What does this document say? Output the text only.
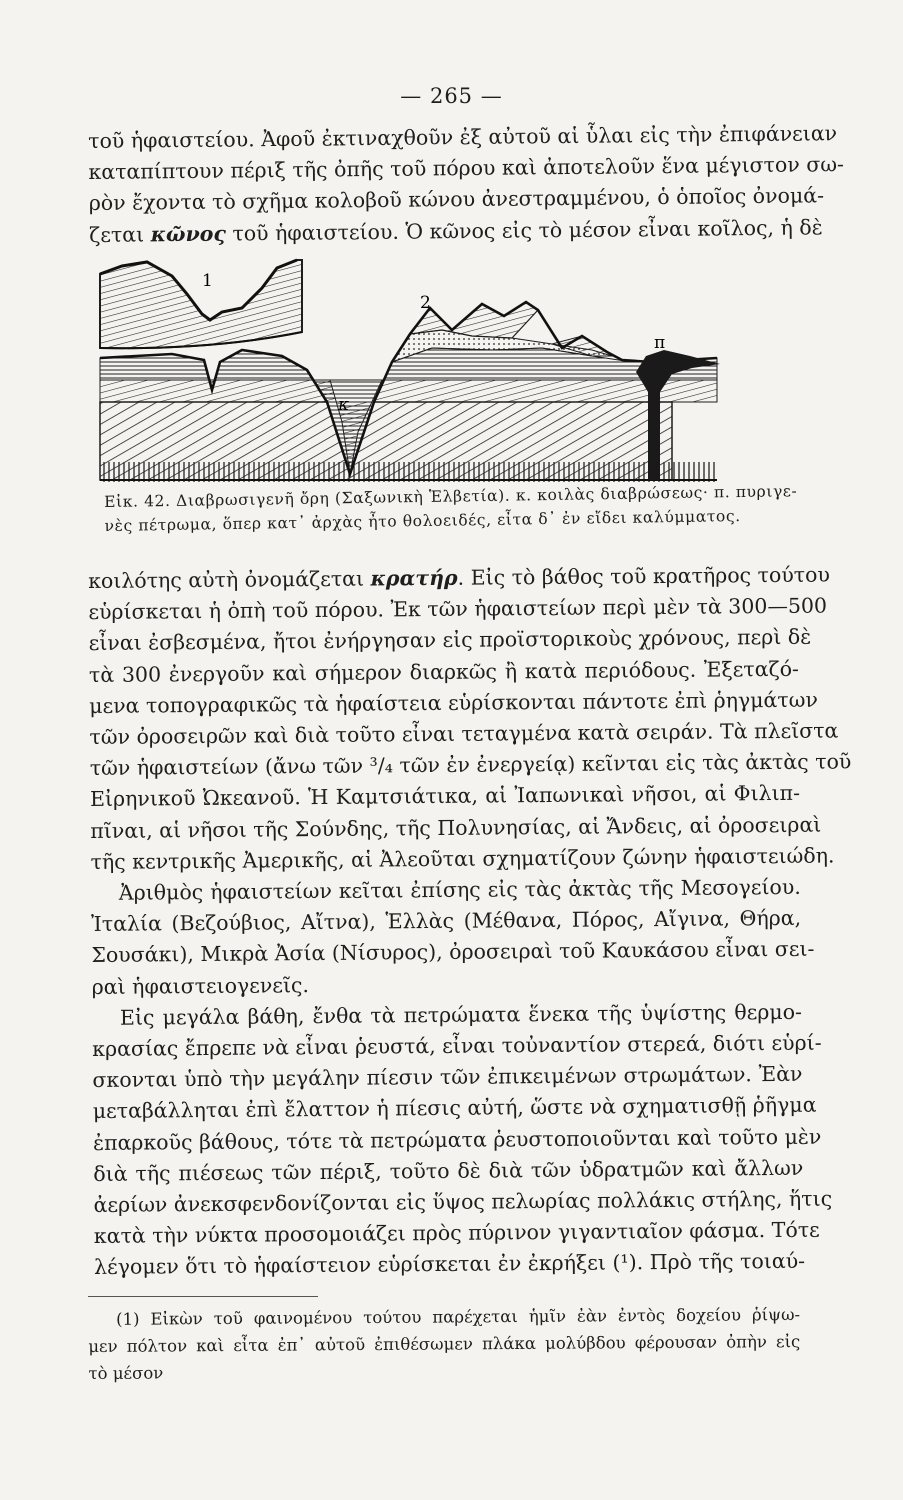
— 265 —
τοῦ ἡφαιστείου. Ἀφοῦ ἐκτιναχθοῦν ἐξ αὐτοῦ αἱ ὗλαι εἰς τὴν ἐπιφάνειαν
καταπίπτουν πέριξ τῆς ὀπῆς τοῦ πόρου καὶ ἀποτελοῦν ἕνα μέγιστον σω-
ρὸν ἔχοντα τὸ σχῆμα κολοβοῦ κώνου ἀνεστραμμένου, ὁ ὁποῖος ὀνομά-
ζεται κῶνος τοῦ ἡφαιστείου. Ὁ κῶνος εἰς τὸ μέσον εἶναι κοῖλος, ἡ δὲ
1
κ
2
π
Εἰκ. 42. Διαβρωσιγενῆ ὄρη (Σαξωνικὴ Ἑλβετία). κ. κοιλὰς διαβρώσεως· π. πυριγε-
νὲς πέτρωμα, ὅπερ κατ᾽ ἀρχὰς ἦτο θολοειδές, εἶτα δ᾽ ἐν εἴδει καλύμματος.
κοιλότης αὐτὴ ὀνομάζεται κρατήρ. Εἰς τὸ βάθος τοῦ κρατῆρος τούτου
εὑρίσκεται ἡ ὀπὴ τοῦ πόρου. Ἐκ τῶν ἡφαιστείων περὶ μὲν τὰ 300—500
εἶναι ἐσβεσμένα, ἤτοι ἐνήργησαν εἰς προϊστορικοὺς χρόνους, περὶ δὲ
τὰ 300 ἐνεργοῦν καὶ σήμερον διαρκῶς ἢ κατὰ περιόδους. Ἐξεταζό-
μενα τοπογραφικῶς τὰ ἡφαίστεια εὑρίσκονται πάντοτε ἐπὶ ῥηγμάτων
τῶν ὀροσειρῶν καὶ διὰ τοῦτο εἶναι τεταγμένα κατὰ σειράν. Τὰ πλεῖστα
τῶν ἡφαιστείων (ἄνω τῶν ³/₄ τῶν ἐν ἐνεργείᾳ) κεῖνται εἰς τὰς ἀκτὰς τοῦ
Εἰρηνικοῦ Ὠκεανοῦ. Ἡ Καμτσιάτικα, αἱ Ἰαπωνικαὶ νῆσοι, αἱ Φιλιπ-
πῖναι, αἱ νῆσοι τῆς Σούνδης, τῆς Πολυνησίας, αἱ Ἄνδεις, αἱ ὀροσειραὶ
τῆς κεντρικῆς Ἀμερικῆς, αἱ Ἀλεοῦται σχηματίζουν ζώνην ἡφαιστειώδη.
Ἀριθμὸς ἡφαιστείων κεῖται ἐπίσης εἰς τὰς ἀκτὰς τῆς Μεσογείου.
Ἰταλία (Βεζούβιος, Αἴτνα), Ἑλλὰς (Μέθανα, Πόρος, Αἴγινα, Θήρα,
Σουσάκι), Μικρὰ Ἀσία (Νίσυρος), ὀροσειραὶ τοῦ Καυκάσου εἶναι σει-
ραὶ ἡφαιστειογενεῖς.
Εἰς μεγάλα βάθη, ἔνθα τὰ πετρώματα ἕνεκα τῆς ὑψίστης θερμο-
κρασίας ἔπρεπε νὰ εἶναι ῥευστά, εἶναι τοὐναντίον στερεά, διότι εὑρί-
σκονται ὑπὸ τὴν μεγάλην πίεσιν τῶν ἐπικειμένων στρωμάτων. Ἐὰν
μεταβάλληται ἐπὶ ἔλαττον ἡ πίεσις αὐτή, ὥστε νὰ σχηματισθῇ ῥῆγμα
ἐπαρκοῦς βάθους, τότε τὰ πετρώματα ῥευστοποιοῦνται καὶ τοῦτο μὲν
διὰ τῆς πιέσεως τῶν πέριξ, τοῦτο δὲ διὰ τῶν ὑδρατμῶν καὶ ἄλλων
ἀερίων ἀνεκσφενδονίζονται εἰς ὕψος πελωρίας πολλάκις στήλης, ἥτις
κατὰ τὴν νύκτα προσομοιάζει πρὸς πύρινον γιγαντιαῖον φάσμα. Τότε
λέγομεν ὅτι τὸ ἡφαίστειον εὑρίσκεται ἐν ἐκρήξει (¹). Πρὸ τῆς τοιαύ-
(1) Εἰκὼν τοῦ φαινομένου τούτου παρέχεται ἡμῖν ἐὰν ἐντὸς δοχείου ῥίψω-
μεν πόλτον καὶ εἶτα ἐπ᾽ αὐτοῦ ἐπιθέσωμεν πλάκα μολύβδου φέρουσαν ὀπὴν εἰς
τὸ μέσον
